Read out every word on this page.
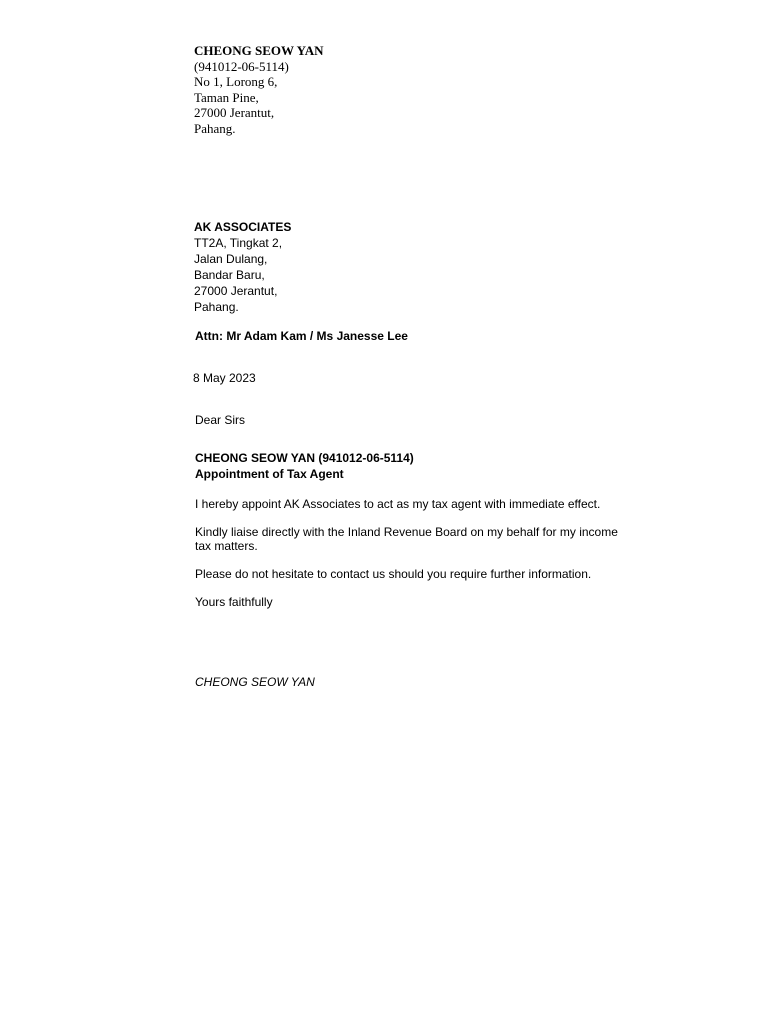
CHEONG SEOW YAN
(941012-06-5114)
No 1, Lorong 6,
Taman Pine,
27000 Jerantut,
Pahang.
AK ASSOCIATES
TT2A, Tingkat 2,
Jalan Dulang,
Bandar Baru,
27000 Jerantut,
Pahang.
Attn: Mr Adam Kam / Ms Janesse Lee
8 May 2023
Dear Sirs
CHEONG SEOW YAN (941012-06-5114)
Appointment of Tax Agent
I hereby appoint AK Associates to act as my tax agent with immediate effect.
Kindly liaise directly with the Inland Revenue Board on my behalf for my income
tax matters.
Please do not hesitate to contact us should you require further information.
Yours faithfully
CHEONG SEOW YAN
